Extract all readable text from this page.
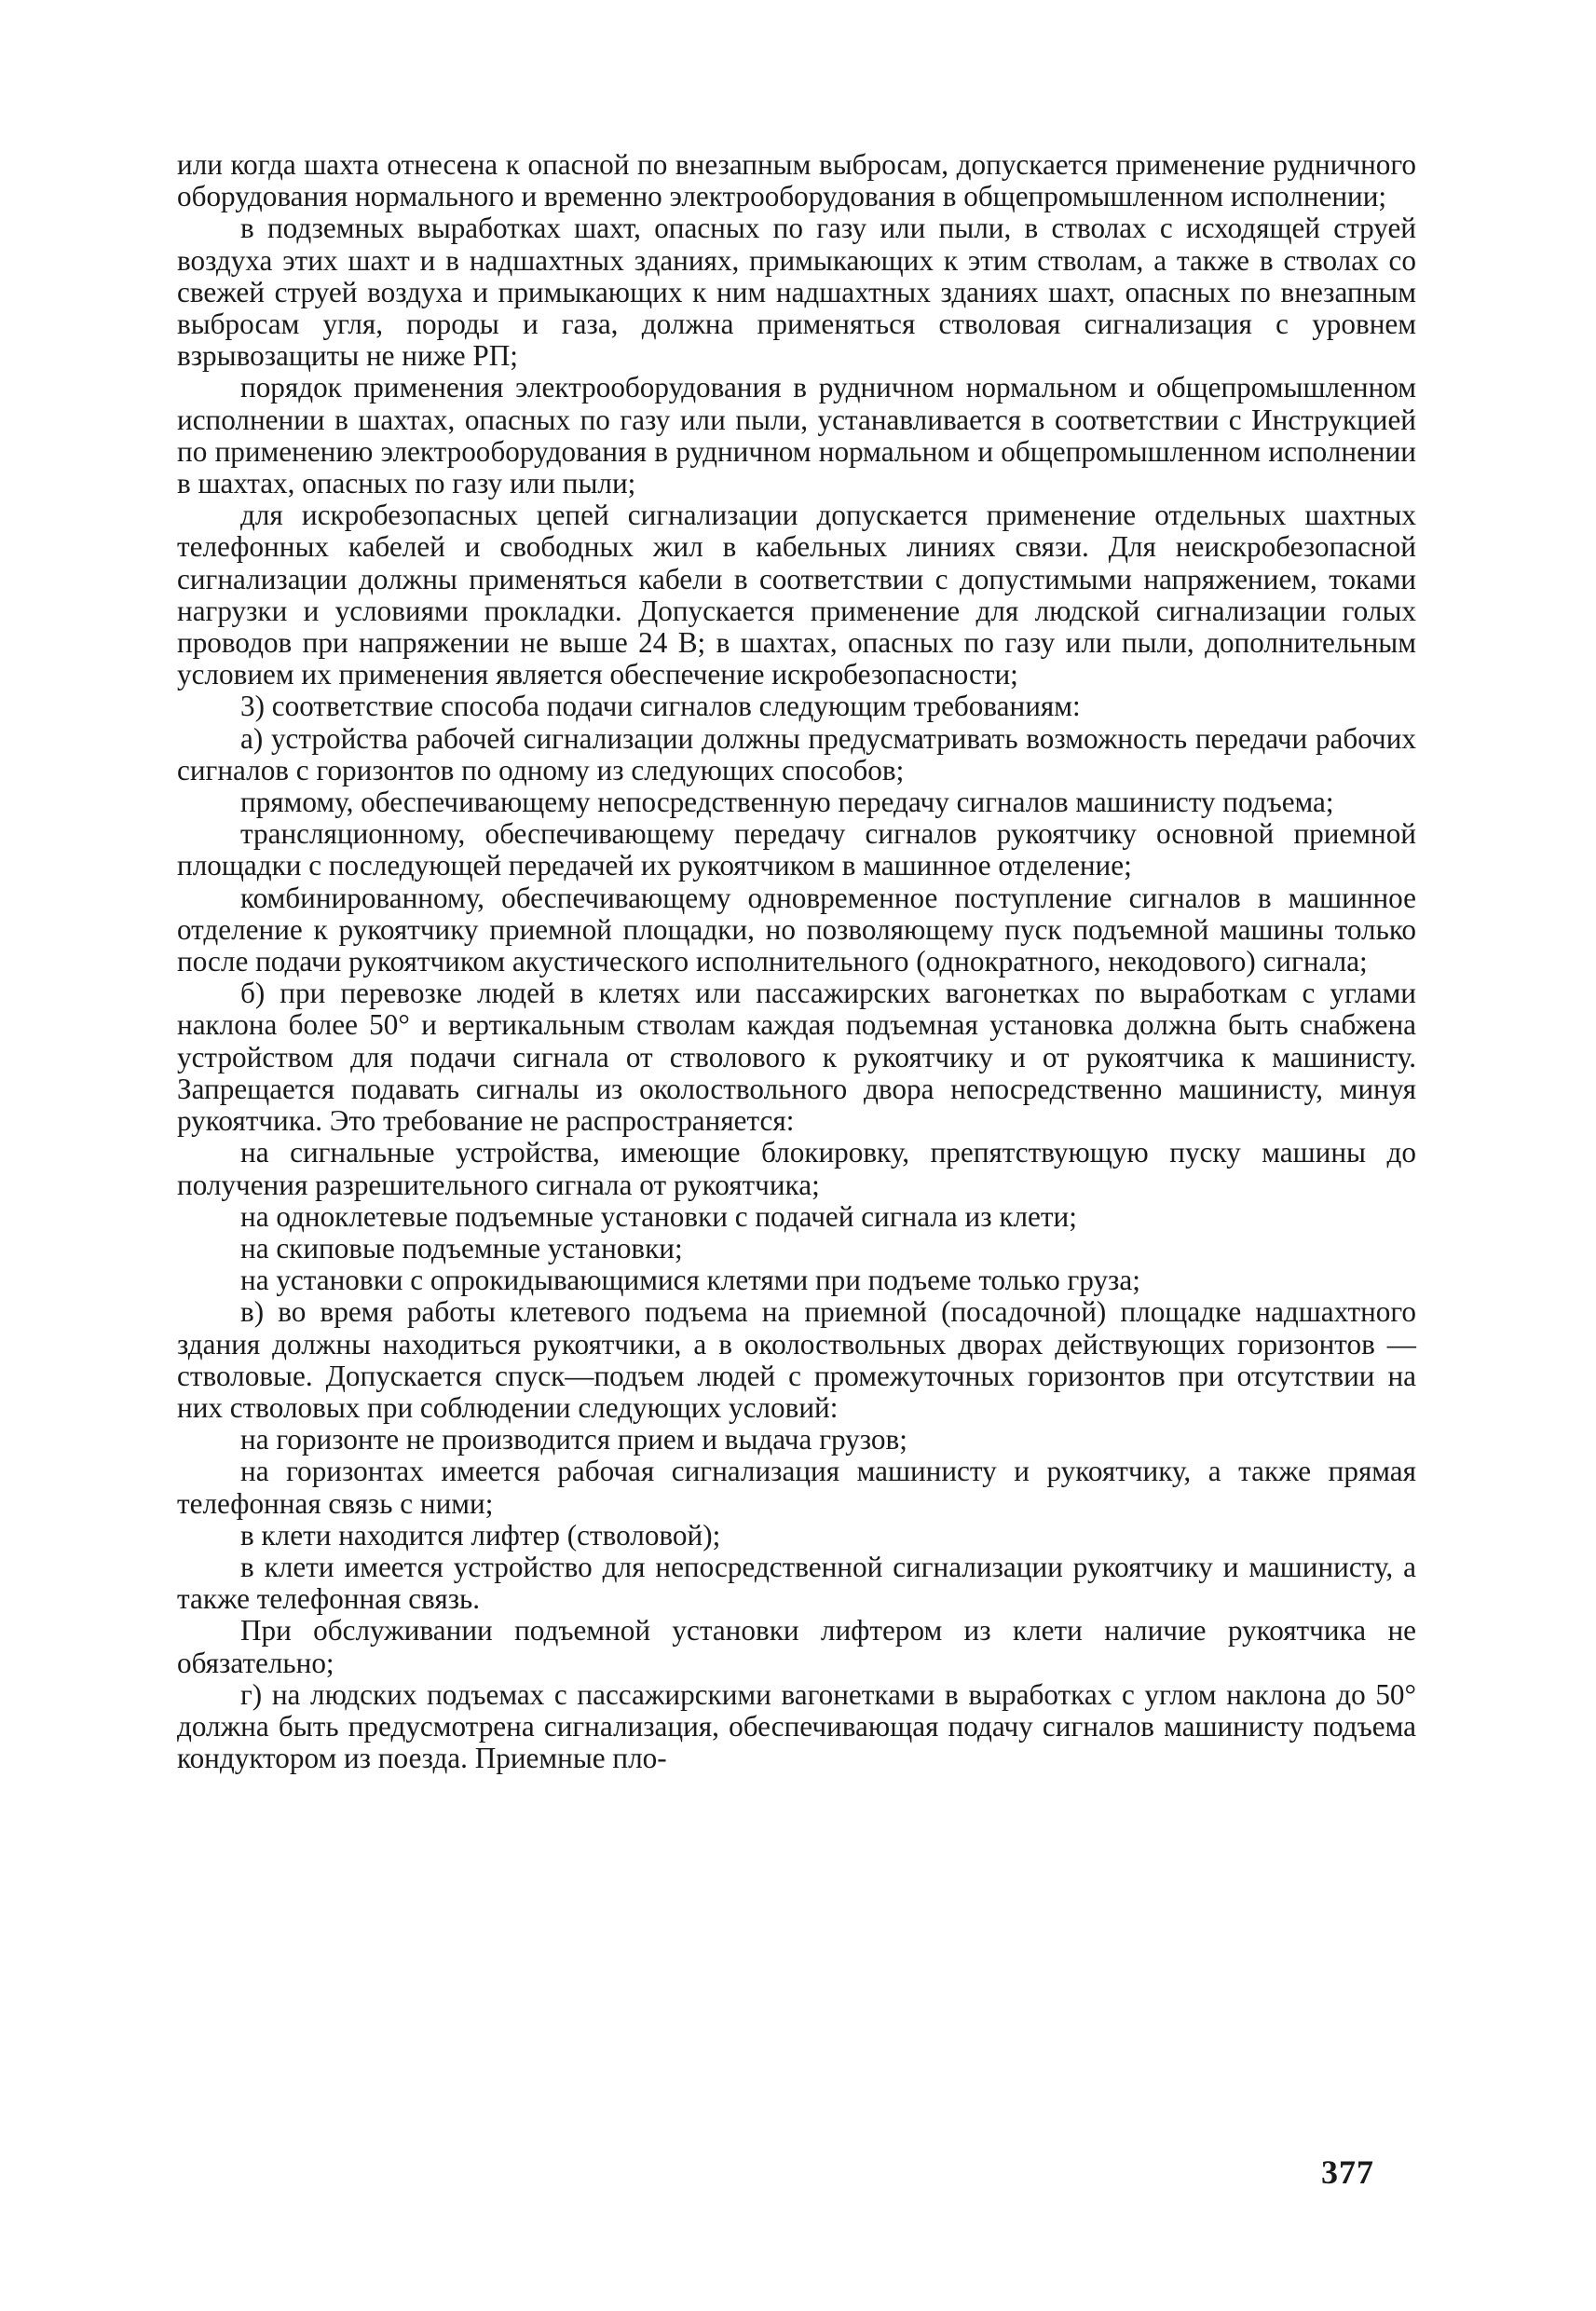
или когда шахта отнесена к опасной по внезапным выбросам, допускается применение рудничного оборудования нормального и временно электрооборудования в общепромышленном исполнении;

в подземных выработках шахт, опасных по газу или пыли, в стволах с исходящей струей воздуха этих шахт и в надшахтных зданиях, примыкающих к этим стволам, а также в стволах со свежей струей воздуха и примыкающих к ним надшахтных зданиях шахт, опасных по внезапным выбросам угля, породы и газа, должна применяться стволовая сигнализация с уровнем взрывозащиты не ниже РП;

порядок применения электрооборудования в рудничном нормальном и общепромышленном исполнении в шахтах, опасных по газу или пыли, устанавливается в соответствии с Инструкцией по применению электрооборудования в рудничном нормальном и общепромышленном исполнении в шахтах, опасных по газу или пыли;

для искробезопасных цепей сигнализации допускается применение отдельных шахтных телефонных кабелей и свободных жил в кабельных линиях связи. Для неискробезопасной сигнализации должны применяться кабели в соответствии с допустимыми напряжением, токами нагрузки и условиями прокладки. Допускается применение для людской сигнализации голых проводов при напряжении не выше 24 В; в шахтах, опасных по газу или пыли, дополнительным условием их применения является обеспечение искробезопасности;

3) соответствие способа подачи сигналов следующим требованиям:

а) устройства рабочей сигнализации должны предусматривать возможность передачи рабочих сигналов с горизонтов по одному из следующих способов;

прямому, обеспечивающему непосредственную передачу сигналов машинисту подъема;

трансляционному, обеспечивающему передачу сигналов рукоятчику основной приемной площадки с последующей передачей их рукоятчиком в машинное отделение;

комбинированному, обеспечивающему одновременное поступление сигналов в машинное отделение к рукоятчику приемной площадки, но позволяющему пуск подъемной машины только после подачи рукоятчиком акустического исполнительного (однократного, некодового) сигнала;

б) при перевозке людей в клетях или пассажирских вагонетках по выработкам с углами наклона более 50° и вертикальным стволам каждая подъемная установка должна быть снабжена устройством для подачи сигнала от стволового к рукоятчику и от рукоятчика к машинисту. Запрещается подавать сигналы из околоствольного двора непосредственно машинисту, минуя рукоятчика. Это требование не распространяется:

на сигнальные устройства, имеющие блокировку, препятствующую пуску машины до получения разрешительного сигнала от рукоятчика;

на одноклетевые подъемные установки с подачей сигнала из клети;

на скиповые подъемные установки;

на установки с опрокидывающимися клетями при подъеме только груза;

в) во время работы клетевого подъема на приемной (посадочной) площадке надшахтного здания должны находиться рукоятчики, а в околоствольных дворах действующих горизонтов — стволовые. Допускается спуск—подъем людей с промежуточных горизонтов при отсутствии на них стволовых при соблюдении следующих условий:

на горизонте не производится прием и выдача грузов;

на горизонтах имеется рабочая сигнализация машинисту и рукоятчику, а также прямая телефонная связь с ними;

в клети находится лифтер (стволовой);

в клети имеется устройство для непосредственной сигнализации рукоятчику и машинисту, а также телефонная связь.

При обслуживании подъемной установки лифтером из клети наличие рукоятчика не обязательно;

г) на людских подъемах с пассажирскими вагонетками в выработках с углом наклона до 50° должна быть предусмотрена сигнализация, обеспечивающая подачу сигналов машинисту подъема кондуктором из поезда. Приемные пло-

377
